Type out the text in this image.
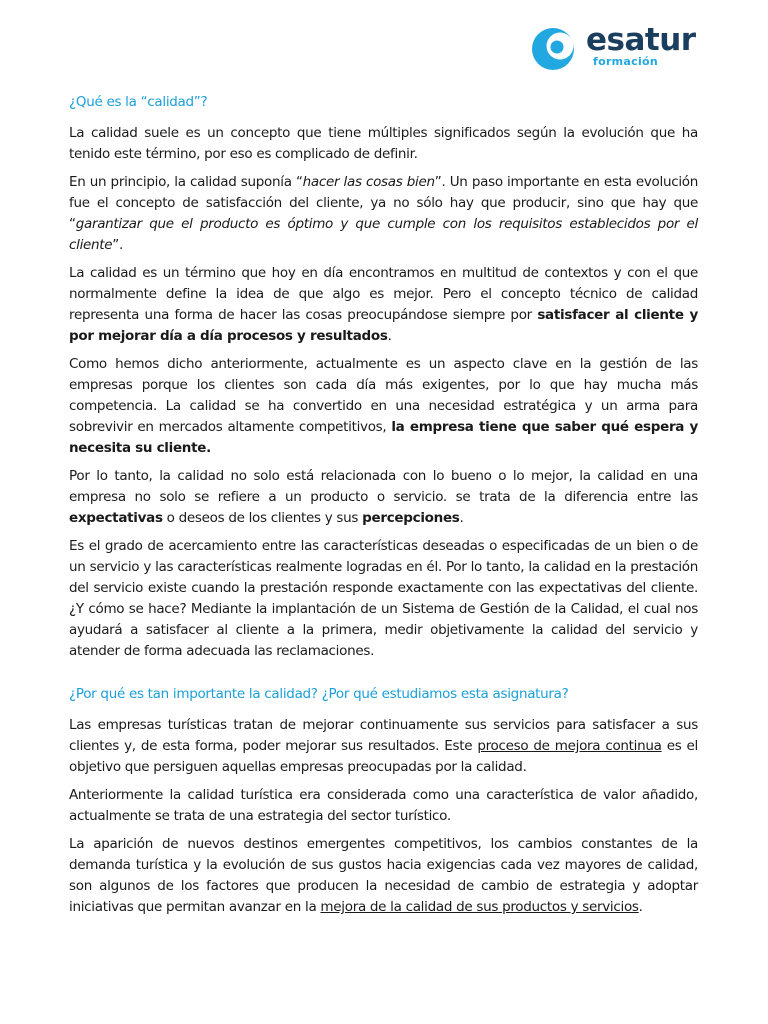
esatur
formación
¿Qué es la “calidad”?

La calidad suele es un concepto que tiene múltiples significados según la evolución que ha tenido este término, por eso es complicado de definir.

En un principio, la calidad suponía “hacer las cosas bien”. Un paso importante en esta evolución fue el concepto de satisfacción del cliente, ya no sólo hay que producir, sino que hay que “garantizar que el producto es óptimo y que cumple con los requisitos establecidos por el cliente”.

La calidad es un término que hoy en día encontramos en multitud de contextos y con el que normalmente define la idea de que algo es mejor. Pero el concepto técnico de calidad representa una forma de hacer las cosas preocupándose siempre por satisfacer al cliente y por mejorar día a día procesos y resultados.

Como hemos dicho anteriormente, actualmente es un aspecto clave en la gestión de las empresas porque los clientes son cada día más exigentes, por lo que hay mucha más competencia. La calidad se ha convertido en una necesidad estratégica y un arma para sobrevivir en mercados altamente competitivos, la empresa tiene que saber qué espera y necesita su cliente.

Por lo tanto, la calidad no solo está relacionada con lo bueno o lo mejor, la calidad en una empresa no solo se refiere a un producto o servicio. se trata de la diferencia entre las expectativas o deseos de los clientes y sus percepciones.

Es el grado de acercamiento entre las características deseadas o especificadas de un bien o de un servicio y las características realmente logradas en él. Por lo tanto, la calidad en la prestación del servicio existe cuando la prestación responde exactamente con las expectativas del cliente. ¿Y cómo se hace? Mediante la implantación de un Sistema de Gestión de la Calidad, el cual nos ayudará a satisfacer al cliente a la primera, medir objetivamente la calidad del servicio y atender de forma adecuada las reclamaciones.

¿Por qué es tan importante la calidad? ¿Por qué estudiamos esta asignatura?

Las empresas turísticas tratan de mejorar continuamente sus servicios para satisfacer a sus clientes y, de esta forma, poder mejorar sus resultados. Este proceso de mejora continua es el objetivo que persiguen aquellas empresas preocupadas por la calidad.

Anteriormente la calidad turística era considerada como una característica de valor añadido, actualmente se trata de una estrategia del sector turístico.

La aparición de nuevos destinos emergentes competitivos, los cambios constantes de la demanda turística y la evolución de sus gustos hacia exigencias cada vez mayores de calidad, son algunos de los factores que producen la necesidad de cambio de estrategia y adoptar iniciativas que permitan avanzar en la mejora de la calidad de sus productos y servicios.
